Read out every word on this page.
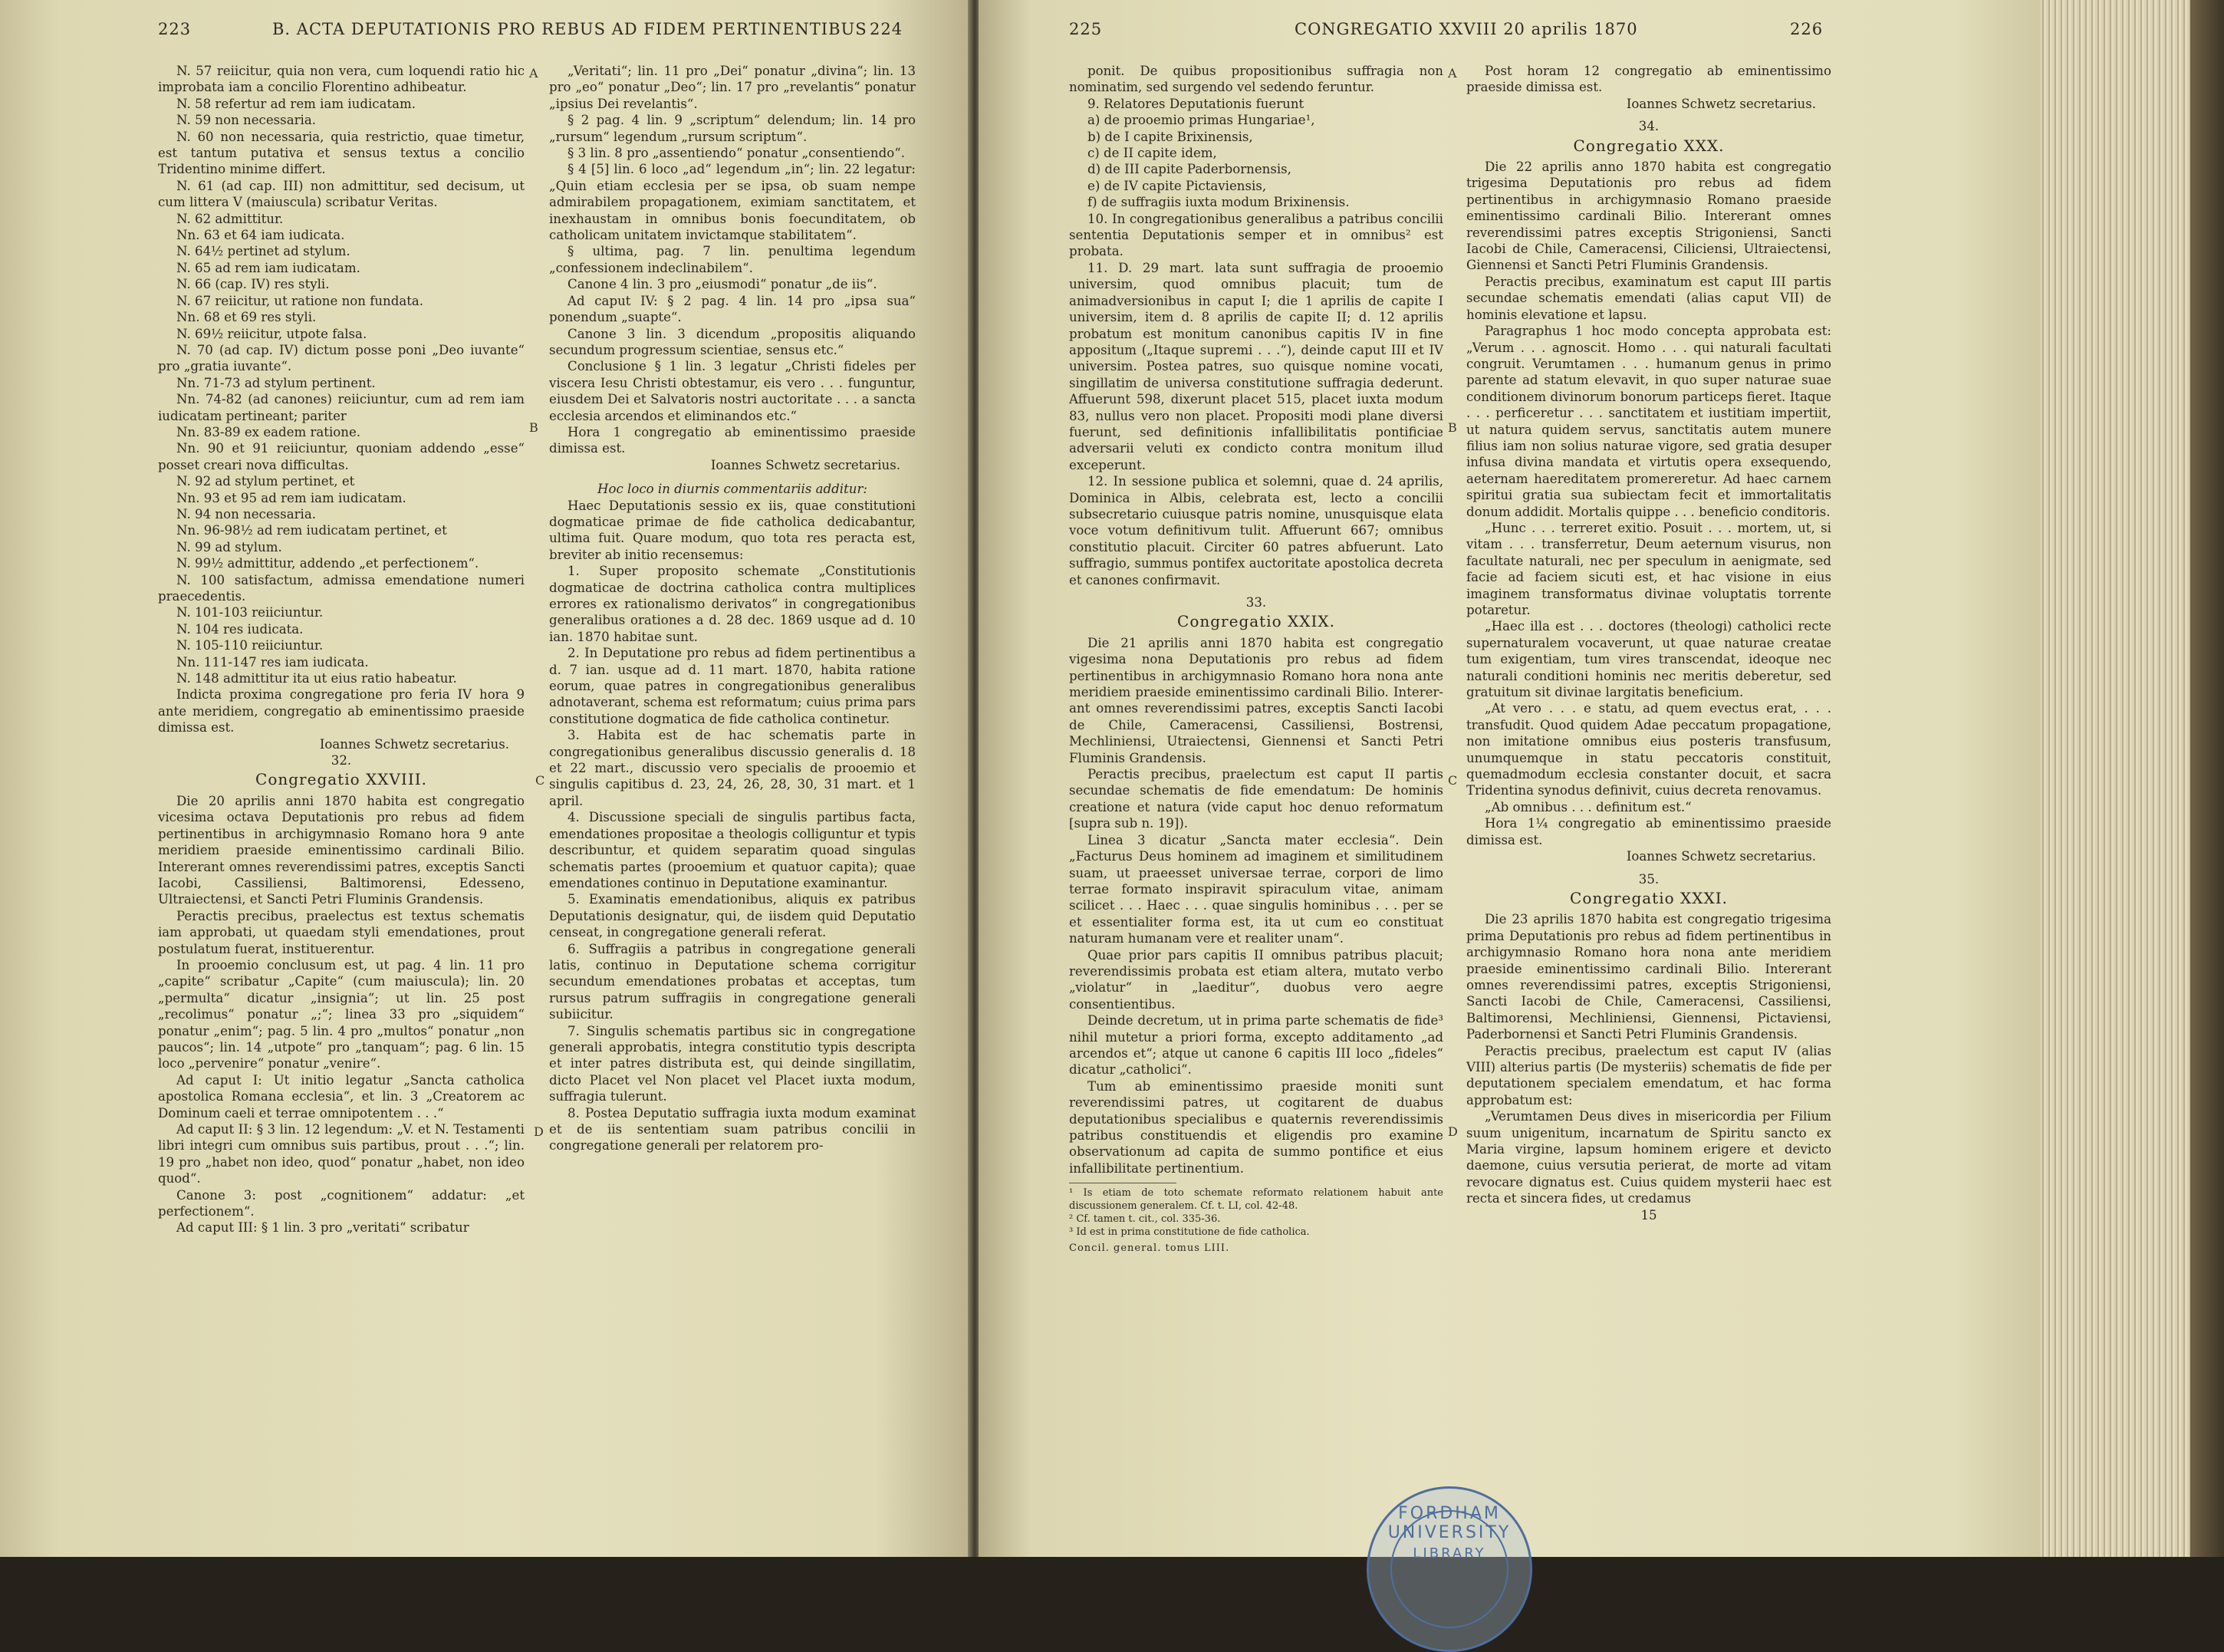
223	B. ACTA DEPUTATIONIS PRO REBUS AD FIDEM PERTINENTIBUS 224

N. 57 reiicitur, quia non vera, cum loquendi ratio hic improbata iam a concilio Florentino adhibeatur.

N. 58 refertur ad rem iam iudicatam.

N. 59 non necessaria.

N. 60 non necessaria, quia restrictio, quae timetur, est tantum putativa et sensus textus a concilio Tridentino minime differt.

N. 61 (ad cap. III) non admittitur, sed decisum, ut cum littera V (maiuscula) scribatur Veritas.

N. 62 admittitur.

Nn. 63 et 64 iam iudicata.

N. 64½ pertinet ad stylum.

N. 65 ad rem iam iudicatam.

N. 66 (cap. IV) res styli.

N. 67 reiicitur, ut ratione non fundata.

Nn. 68 et 69 res styli.

N. 69½ reiicitur, utpote falsa.

N. 70 (ad cap. IV) dictum posse poni „Deo iuvante“ pro „gratia iuvante“.

Nn. 71-73 ad stylum pertinent.

Nn. 74-82 (ad canones) reiiciuntur, cum ad rem iam iudicatam pertineant; pariter

Nn. 83-89 ex eadem ratione.

Nn. 90 et 91 reiiciuntur, quoniam addendo „esse“ posset creari nova difficultas.

N. 92 ad stylum pertinet, et

Nn. 93 et 95 ad rem iam iudicatam.

N. 94 non necessaria.

Nn. 96-98½ ad rem iudicatam pertinet, et

N. 99 ad stylum.

N. 99½ admittitur, addendo „et perfectionem“.

N. 100 satisfactum, admissa emendatione numeri praecedentis.

N. 101-103 reiiciuntur.

N. 104 res iudicata.

N. 105-110 reiiciuntur.

Nn. 111-147 res iam iudicata.

N. 148 admittitur ita ut eius ratio habeatur.

Indicta proxima congregatione pro feria IV hora 9 ante meridiem, congregatio ab eminentissimo praeside dimissa est.

Ioannes Schwetz secretarius.

32.

Congregatio XXVIII.

Die 20 aprilis anni 1870 habita est congregatio vicesima octava Deputationis pro rebus ad fidem pertinentibus in archigymnasio Romano hora 9 ante meridiem praeside eminentissimo cardinali Bilio. Intererant omnes reverendissimi patres, exceptis Sancti Iacobi, Cassiliensi, Baltimorensi, Edesseno, Ultraiectensi, et Sancti Petri Fluminis Grandensis.

Peractis precibus, praelectus est textus schematis iam approbati, ut quaedam styli emendationes, prout postulatum fuerat, instituerentur.

In prooemio conclusum est, ut pag. 4 lin. 11 pro „capite“ scribatur „Capite“ (cum maiuscula); lin. 20 „permulta“ dicatur „insignia“; ut lin. 25 post „recolimus“ ponatur „;“; linea 33 pro „siquidem“ ponatur „enim“; pag. 5 lin. 4 pro „multos“ ponatur „non paucos“; lin. 14 „utpote“ pro „tanquam“; pag. 6 lin. 15 loco „pervenire“ ponatur „venire“.

Ad caput I: Ut initio legatur „Sancta catholica apostolica Romana ecclesia“, et lin. 3 „Creatorem ac Dominum caeli et terrae omnipotentem . . .“

Ad caput II: § 3 lin. 12 legendum: „V. et N. Testamenti libri integri cum omnibus suis partibus, prout . . .“; lin. 19 pro „habet non ideo, quod“ ponatur „habet, non ideo quod“.

Canone 3: post „cognitionem“ addatur: „et perfectionem“.

Ad caput III: § 1 lin. 3 pro „veritati“ scribatur

„Veritati“; lin. 11 pro „Dei“ ponatur „divina“; lin. 13 pro „eo“ ponatur „Deo“; lin. 17 pro „revelantis“ ponatur „ipsius Dei revelantis“.

§ 2 pag. 4 lin. 9 „scriptum“ delendum; lin. 14 pro „rursum“ legendum „rursum scriptum“.

§ 3 lin. 8 pro „assentiendo“ ponatur „consentiendo“.

§ 4 [5] lin. 6 loco „ad“ legendum „in“; lin. 22 legatur: „Quin etiam ecclesia per se ipsa, ob suam nempe admirabilem propagationem, eximiam sanctitatem, et inexhaustam in omnibus bonis foecunditatem, ob catholicam unitatem invictamque stabilitatem“.

§ ultima, pag. 7 lin. penultima legendum „confessionem indeclinabilem“.

Canone 4 lin. 3 pro „eiusmodi“ ponatur „de iis“.

Ad caput IV: § 2 pag. 4 lin. 14 pro „ipsa sua“ ponendum „suapte“.

Canone 3 lin. 3 dicendum „propositis aliquando secundum progressum scientiae, sensus etc.“

Conclusione § 1 lin. 3 legatur „Christi fideles per viscera Iesu Christi obtestamur, eis vero . . . funguntur, eiusdem Dei et Salvatoris nostri auctoritate . . . a sancta ecclesia arcendos et eliminandos etc.“

Hora 1 congregatio ab eminentissimo praeside dimissa est.

Ioannes Schwetz secretarius.

Hoc loco in diurnis commentariis additur:

Haec Deputationis sessio ex iis, quae constitutioni dogmaticae primae de fide catholica dedicabantur, ultima fuit. Quare modum, quo tota res peracta est, breviter ab initio recensemus:

1. Super proposito schemate „Constitutionis dogmaticae de doctrina catholica contra multiplices errores ex rationalismo derivatos“ in congregationibus generalibus orationes a d. 28 dec. 1869 usque ad d. 10 ian. 1870 habitae sunt.

2. In Deputatione pro rebus ad fidem pertinentibus a d. 7 ian. usque ad d. 11 mart. 1870, habita ratione eorum, quae patres in congregationibus generalibus adnotaverant, schema est reformatum; cuius prima pars constitutione dogmatica de fide catholica continetur.

3. Habita est de hac schematis parte in congregationibus generalibus discussio generalis d. 18 et 22 mart., discussio vero specialis de prooemio et singulis capitibus d. 23, 24, 26, 28, 30, 31 mart. et 1 april.

4. Discussione speciali de singulis partibus facta, emendationes propositae a theologis colliguntur et typis describuntur, et quidem separatim quoad singulas schematis partes (prooemium et quatuor capita); quae emendationes continuo in Deputatione examinantur.

5. Examinatis emendationibus, aliquis ex patribus Deputationis designatur, qui, de iisdem quid Deputatio censeat, in congregatione generali referat.

6. Suffragiis a patribus in congregatione generali latis, continuo in Deputatione schema corrigitur secundum emendationes probatas et acceptas, tum rursus patrum suffragiis in congregatione generali subiicitur.

7. Singulis schematis partibus sic in congregatione generali approbatis, integra constitutio typis descripta et inter patres distributa est, qui deinde singillatim, dicto Placet vel Non placet vel Placet iuxta modum, suffragia tulerunt.

8. Postea Deputatio suffragia iuxta modum examinat et de iis sententiam suam patribus concilii in congregatione generali per relatorem pro-

A
B
C
D
225	CONGREGATIO XXVIII 20 aprilis 1870	226

ponit. De quibus propositionibus suffragia non nominatim, sed surgendo vel sedendo feruntur.

9. Relatores Deputationis fuerunt

a) de prooemio primas Hungariae¹,

b) de I capite Brixinensis,

c) de II capite idem,

d) de III capite Paderbornensis,

e) de IV capite Pictaviensis,

f) de suffragiis iuxta modum Brixinensis.

10. In congregationibus generalibus a patribus concilii sententia Deputationis semper et in omnibus² est probata.

11. D. 29 mart. lata sunt suffragia de prooemio universim, quod omnibus placuit; tum de animadversionibus in caput I; die 1 aprilis de capite I universim, item d. 8 aprilis de capite II; d. 12 aprilis probatum est monitum canonibus capitis IV in fine appositum („Itaque supremi . . .“), deinde caput III et IV universim. Postea patres, suo quisque nomine vocati, singillatim de universa constitutione suffragia dederunt. Affuerunt 598, dixerunt placet 515, placet iuxta modum 83, nullus vero non placet. Propositi modi plane diversi fuerunt, sed definitionis infallibilitatis pontificiae adversarii veluti ex condicto contra monitum illud exceperunt.

12. In sessione publica et solemni, quae d. 24 aprilis, Dominica in Albis, celebrata est, lecto a concilii subsecretario cuiusque patris nomine, unusquisque elata voce votum definitivum tulit. Affuerunt 667; omnibus constitutio placuit. Circiter 60 patres abfuerunt. Lato suffragio, summus pontifex auctoritate apostolica decreta et canones confirmavit.

33.

Congregatio XXIX.

Die 21 aprilis anni 1870 habita est congregatio vigesima nona Deputationis pro rebus ad fidem pertinentibus in archigymnasio Romano hora nona ante meridiem praeside eminentissimo cardinali Bilio. Intererant omnes reverendissimi patres, exceptis Sancti Iacobi de Chile, Cameracensi, Cassiliensi, Bostrensi, Mechliniensi, Utraiectensi, Giennensi et Sancti Petri Fluminis Grandensis.

Peractis precibus, praelectum est caput II partis secundae schematis de fide emendatum: De hominis creatione et natura (vide caput hoc denuo reformatum [supra sub n. 19]).

Linea 3 dicatur „Sancta mater ecclesia“. Dein „Facturus Deus hominem ad imaginem et similitudinem suam, ut praeesset universae terrae, corpori de limo terrae formato inspiravit spiraculum vitae, animam scilicet . . . Haec . . . quae singulis hominibus . . . per se et essentialiter forma est, ita ut cum eo constituat naturam humanam vere et realiter unam“.

Quae prior pars capitis II omnibus patribus placuit; reverendissimis probata est etiam altera, mutato verbo „violatur“ in „laeditur“, duobus vero aegre consentientibus.

Deinde decretum, ut in prima parte schematis de fide³ nihil mutetur a priori forma, excepto additamento „ad arcendos et“; atque ut canone 6 capitis III loco „fideles“ dicatur „catholici“.

Tum ab eminentissimo praeside moniti sunt reverendissimi patres, ut cogitarent de duabus deputationibus specialibus e quaternis reverendissimis patribus constituendis et eligendis pro examine observationum ad capita de summo pontifice et eius infallibilitate pertinentium.

¹ Is etiam de toto schemate reformato relationem habuit ante discussionem generalem. Cf. t. LI, col. 42-48.

² Cf. tamen t. cit., col. 335-36.

³ Id est in prima constitutione de fide catholica.

Concil. general. tomus LIII.

Post horam 12 congregatio ab eminentissimo praeside dimissa est.

Ioannes Schwetz secretarius.

34.

Congregatio XXX.

Die 22 aprilis anno 1870 habita est congregatio trigesima Deputationis pro rebus ad fidem pertinentibus in archigymnasio Romano praeside eminentissimo cardinali Bilio. Intererant omnes reverendissimi patres exceptis Strigoniensi, Sancti Iacobi de Chile, Cameracensi, Ciliciensi, Ultraiectensi, Giennensi et Sancti Petri Fluminis Grandensis.

Peractis precibus, examinatum est caput III partis secundae schematis emendati (alias caput VII) de hominis elevatione et lapsu.

Paragraphus 1 hoc modo concepta approbata est: „Verum . . . agnoscit. Homo . . . qui naturali facultati congruit. Verumtamen . . . humanum genus in primo parente ad statum elevavit, in quo super naturae suae conditionem divinorum bonorum particeps fieret. Itaque . . . perficeretur . . . sanctitatem et iustitiam impertiit, ut natura quidem servus, sanctitatis autem munere filius iam non solius naturae vigore, sed gratia desuper infusa divina mandata et virtutis opera exsequendo, aeternam haereditatem promereretur. Ad haec carnem spiritui gratia sua subiectam fecit et immortalitatis donum addidit. Mortalis quippe . . . beneficio conditoris.

„Hunc . . . terreret exitio. Posuit . . . mortem, ut, si vitam . . . transferretur, Deum aeternum visurus, non facultate naturali, nec per speculum in aenigmate, sed facie ad faciem sicuti est, et hac visione in eius imaginem transformatus divinae voluptatis torrente potaretur.

„Haec illa est . . . doctores (theologi) catholici recte supernaturalem vocaverunt, ut quae naturae creatae tum exigentiam, tum vires transcendat, ideoque nec naturali conditioni hominis nec meritis deberetur, sed gratuitum sit divinae largitatis beneficium.

„At vero . . . e statu, ad quem evectus erat, . . . transfudit. Quod quidem Adae peccatum propagatione, non imitatione omnibus eius posteris transfusum, unumquemque in statu peccatoris constituit, quemadmodum ecclesia constanter docuit, et sacra Tridentina synodus definivit, cuius decreta renovamus.

„Ab omnibus . . . definitum est.“

Hora 1¼ congregatio ab eminentissimo praeside dimissa est.

Ioannes Schwetz secretarius.

35.

Congregatio XXXI.

Die 23 aprilis 1870 habita est congregatio trigesima prima Deputationis pro rebus ad fidem pertinentibus in archigymnasio Romano hora nona ante meridiem praeside eminentissimo cardinali Bilio. Intererant omnes reverendissimi patres, exceptis Strigoniensi, Sancti Iacobi de Chile, Cameracensi, Cassiliensi, Baltimorensi, Mechliniensi, Giennensi, Pictaviensi, Paderbornensi et Sancti Petri Fluminis Grandensis.

Peractis precibus, praelectum est caput IV (alias VIII) alterius partis (De mysteriis) schematis de fide per deputationem specialem emendatum, et hac forma approbatum est:

„Verumtamen Deus dives in misericordia per Filium suum unigenitum, incarnatum de Spiritu sancto ex Maria virgine, lapsum hominem erigere et devicto daemone, cuius versutia perierat, de morte ad vitam revocare dignatus est. Cuius quidem mysterii haec est recta et sincera fides, ut credamus

15

A
B
C
D
FORDHAM UNIVERSITY
LIBRARY
